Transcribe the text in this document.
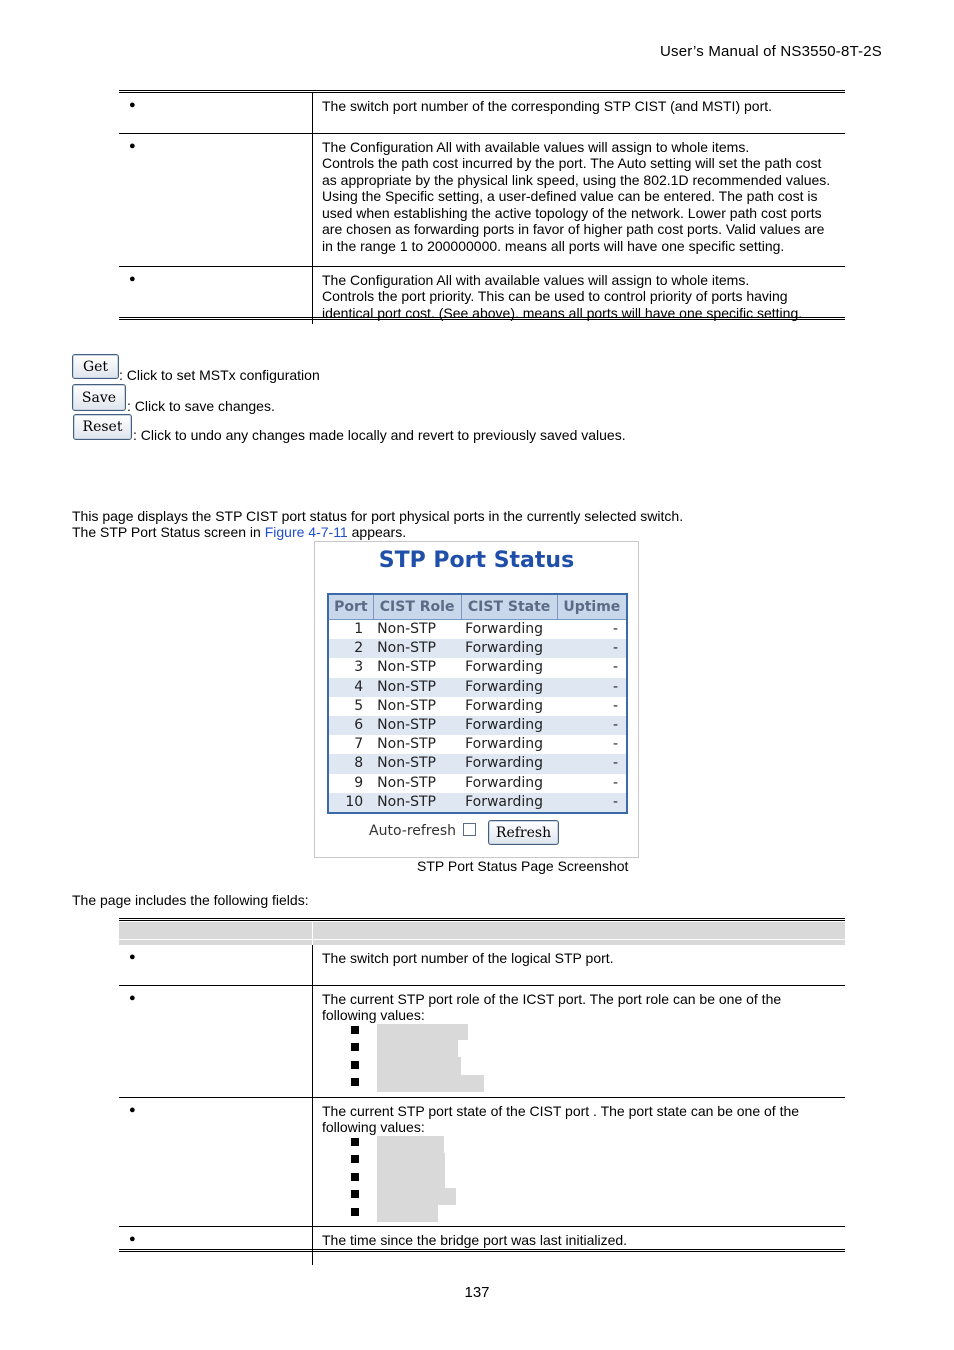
User’s Manual of NS3550-8T-2S
●	The switch port number of the corresponding STP CIST (and MSTI) port.

●	The Configuration All with available values will assign to whole items.
Controls the path cost incurred by the port. The Auto setting will set the path cost as appropriate by the physical link speed, using the 802.1D recommended values. Using the Specific setting, a user-defined value can be entered. The path cost is used when establishing the active topology of the network. Lower path cost ports are chosen as forwarding ports in favor of higher path cost ports. Valid values are in the range 1 to 200000000. means all ports will have one specific setting.

●	The Configuration All with available values will assign to whole items.
Controls the port priority. This can be used to control priority of ports having identical port cost. (See above). means all ports will have one specific setting.
Get
: Click to set MSTx configuration
Save
: Click to save changes.
Reset : Click to undo any changes made locally and revert to previously saved values.
This page displays the STP CIST port status for port physical ports in the currently selected switch.
The STP Port Status screen in Figure 4-7-11 appears.
STP Port Status
Port	CIST Role	CIST State	Uptime
1	Non-STP	Forwarding	-
2	Non-STP	Forwarding	-
3	Non-STP	Forwarding	-
4	Non-STP	Forwarding	-
5	Non-STP	Forwarding	-
6	Non-STP	Forwarding	-
7	Non-STP	Forwarding	-
8	Non-STP	Forwarding	-
9	Non-STP	Forwarding	-
10	Non-STP	Forwarding	-
Auto-refresh	Refresh
STP Port Status Page Screenshot
The page includes the following fields:
●	The switch port number of the logical STP port.

●	The current STP port role of the ICST port. The port role can be one of the following values:

●	The current STP port state of the CIST port . The port state can be one of the following values:

●	The time since the bridge port was last initialized.
137
